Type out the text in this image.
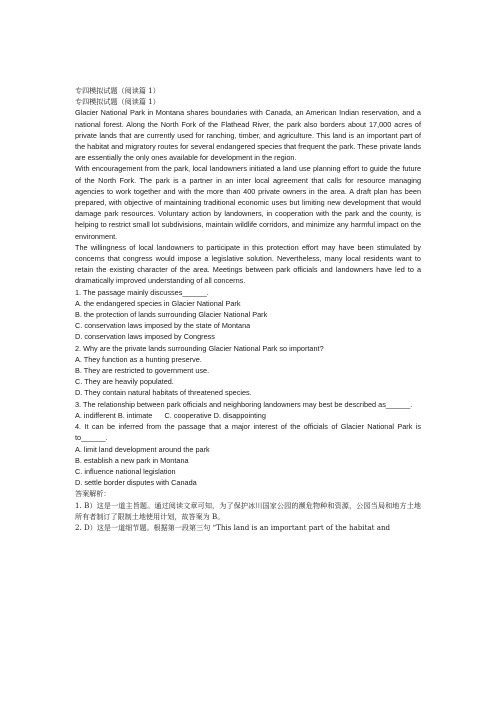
专四模拟试题（阅读篇 1）
专四模拟试题（阅读篇 1）
Glacier National Park in Montana shares boundaries with Canada, an American Indian reservation, and a national forest. Along the North Fork of the Flathead River, the park also borders about 17,000 acres of private lands that are currently used for ranching, timber, and agriculture. This land is an important part of the habitat and migratory routes for several endangered species that frequent the park. These private lands are essentially the only ones available for development in the region.
With encouragement from the park, local landowners initiated a land use planning effort to guide the future of the North Fork. The park is a partner in an inter local agreement that calls for resource managing agencies to work together and with the more than 400 private owners in the area. A draft plan has been prepared, with objective of maintaining traditional economic uses but limiting new development that would damage park resources. Voluntary action by landowners, in cooperation with the park and the county, is helping to restrict small lot subdivisions, maintain wildlife corridors, and minimize any harmful impact on the environment.
The willingness of local landowners to participate in this protection effort may have been stimulated by concerns that congress would impose a legislative solution. Nevertheless, many local residents want to retain the existing character of the area. Meetings between park officials and landowners have led to a dramatically improved understanding of all concerns.
1. The passage mainly discusses______.
A. the endangered species in Glacier National Park
B. the protection of lands surrounding Glacier National Park
C. conservation laws imposed by the state of Montana
D. conservation laws imposed by Congress
2. Why are the private lands surrounding Glacier National Park so important?
A. They function as a hunting preserve.
B. They are restricted to government use.
C. They are heavily populated.
D. They contain natural habitats of threatened species.
3. The relationship between park officials and neighboring landowners may best be described as______.
A. indifferent B. intimate      C. cooperative D. disappointing
4. It can be inferred from the passage that a major interest of the officials of Glacier National Park is to______.
A. limit land development around the park
B. establish a new park in Montana
C. influence national legislation
D. settle border disputes with Canada
答案解析：
1. B）这是一道主旨题。通过阅读文章可知，为了保护冰川国家公园的濒危物种和资源，公园当局和地方土地所有者制订了限制土地使用计划，故答案为 B。
2. D）这是一道细节题。根据第一段第三句 “This land is an important part of the habitat and
